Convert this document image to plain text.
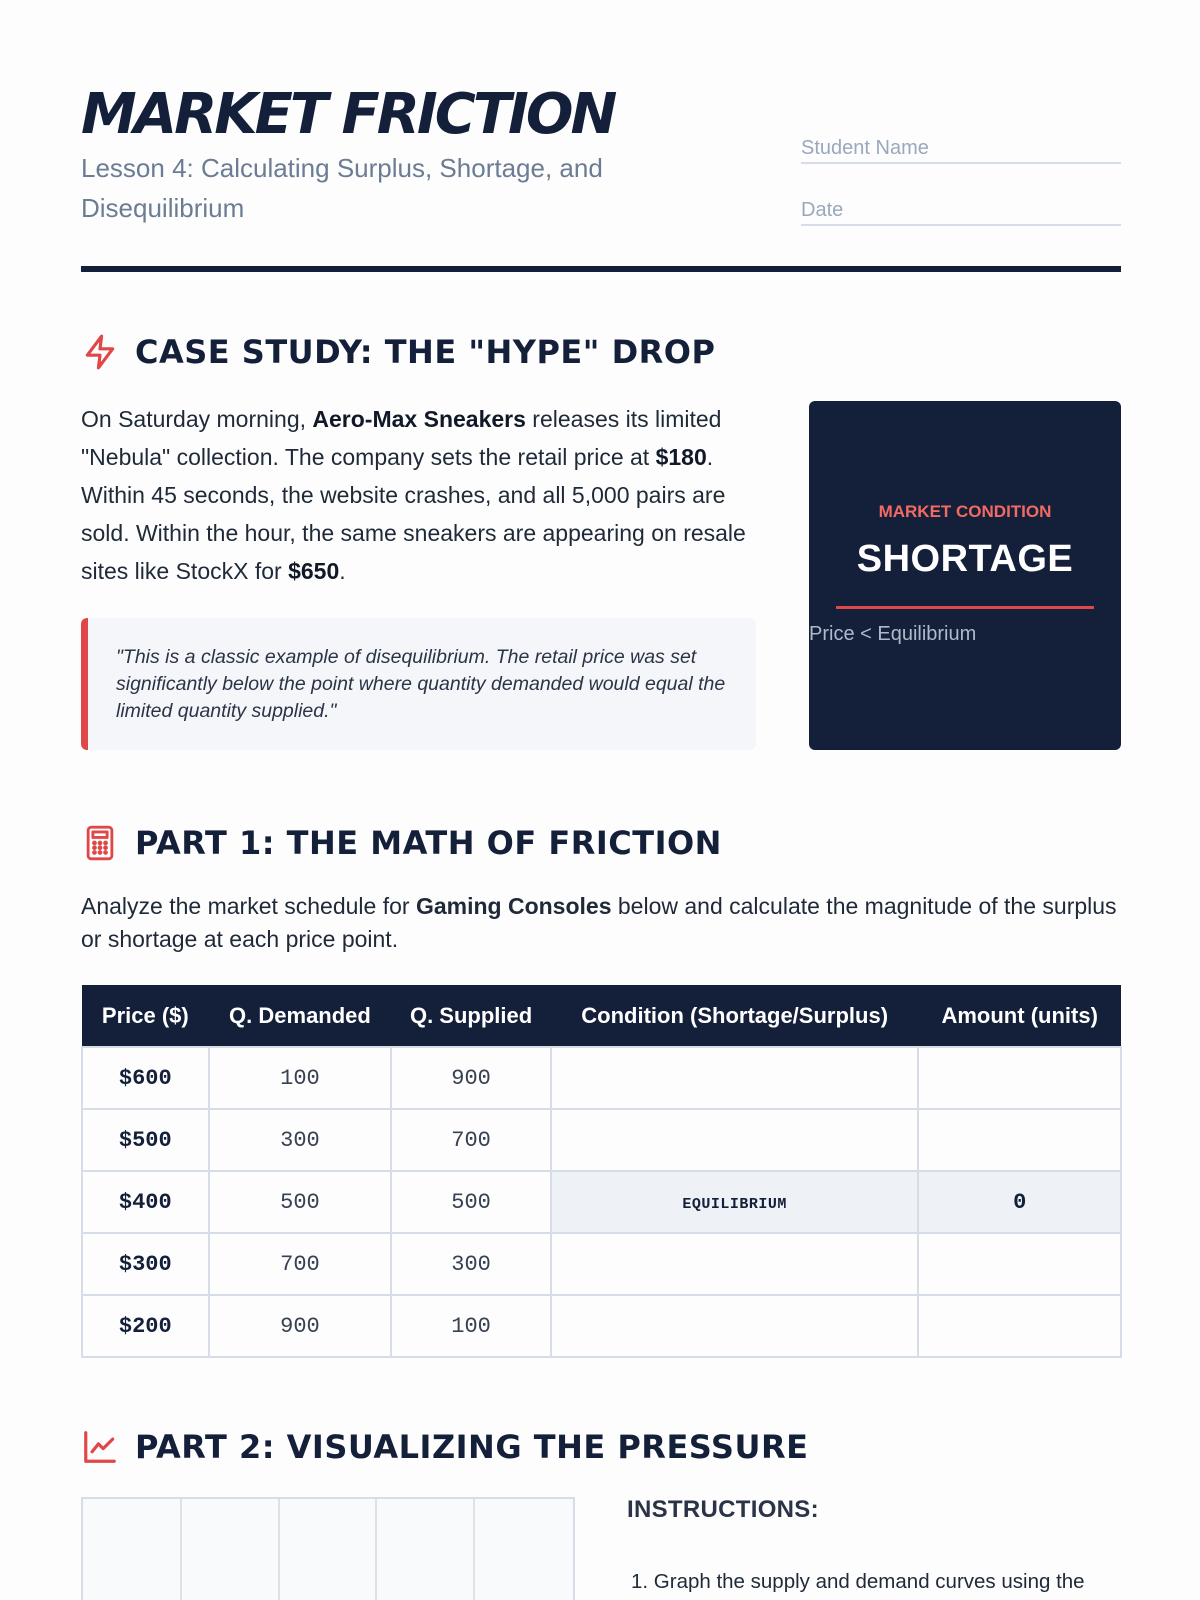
MARKET FRICTION
Lesson 4: Calculating Surplus, Shortage, and Disequilibrium
Student Name
Date
CASE STUDY: THE "HYPE" DROP
On Saturday morning, Aero-Max Sneakers releases its limited "Nebula" collection. The company sets the retail price at $180. Within 45 seconds, the website crashes, and all 5,000 pairs are sold. Within the hour, the same sneakers are appearing on resale sites like StockX for $650.
"This is a classic example of disequilibrium. The retail price was set significantly below the point where quantity demanded would equal the limited quantity supplied."
MARKET CONDITION
SHORTAGE
Price < Equilibrium
PART 1: THE MATH OF FRICTION
Analyze the market schedule for Gaming Consoles below and calculate the magnitude of the surplus or shortage at each price point.
Price ($)	Q. Demanded	Q. Supplied	Condition (Shortage/Surplus)	Amount (units)
$600	100	900		
$500	300	700		
$400	500	500	EQUILIBRIUM	0
$300	700	300		
$200	900	100		
PART 2: VISUALIZING THE PRESSURE
INSTRUCTIONS:
1. Graph the supply and demand curves using the
